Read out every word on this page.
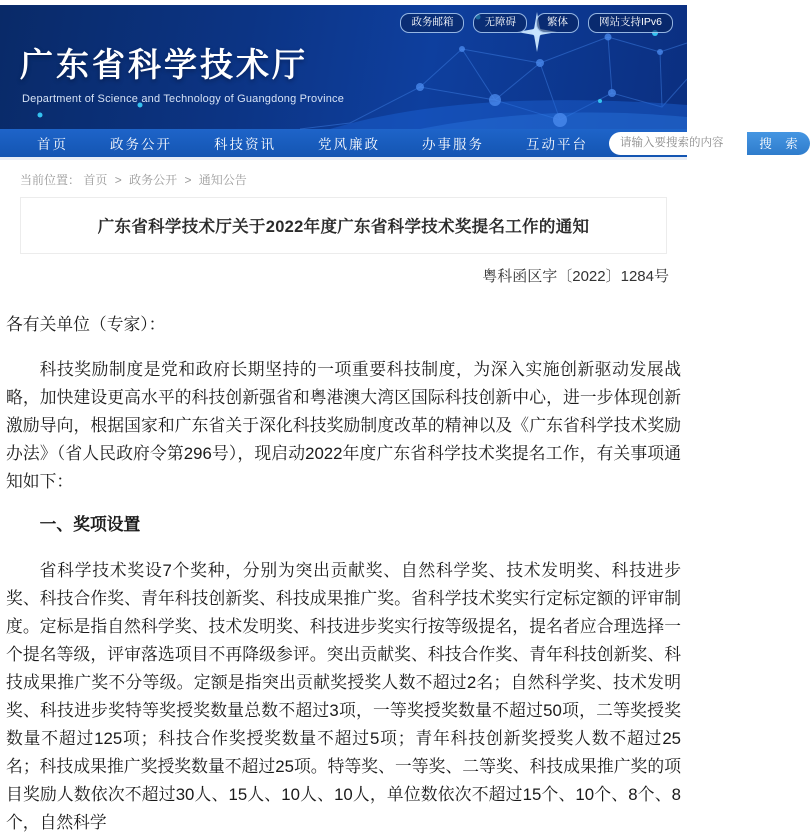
政务邮箱	无障碍	繁体	网站支持IPv6
广东省科学技术厅
Department of Science and Technology of Guangdong Province
首页	政务公开	科技资讯	党风廉政	办事服务	互动平台
请输入要搜索的内容	搜 索
当前位置： 首页 > 政务公开 > 通知公告
广东省科学技术厅关于2022年度广东省科学技术奖提名工作的通知
粤科函区字〔2022〕1284号
各有关单位（专家）：
科技奖励制度是党和政府长期坚持的一项重要科技制度，为深入实施创新驱动发展战略，加快建设更高水平的科技创新强省和粤港澳大湾区国际科技创新中心，进一步体现创新激励导向，根据国家和广东省关于深化科技奖励制度改革的精神以及《广东省科学技术奖励办法》（省人民政府令第296号），现启动2022年度广东省科学技术奖提名工作，有关事项通知如下：
一、奖项设置
省科学技术奖设7个奖种，分别为突出贡献奖、自然科学奖、技术发明奖、科技进步奖、科技合作奖、青年科技创新奖、科技成果推广奖。省科学技术奖实行定标定额的评审制度。定标是指自然科学奖、技术发明奖、科技进步奖实行按等级提名，提名者应合理选择一个提名等级，评审落选项目不再降级参评。突出贡献奖、科技合作奖、青年科技创新奖、科技成果推广奖不分等级。定额是指突出贡献奖授奖人数不超过2名；自然科学奖、技术发明奖、科技进步奖特等奖授奖数量总数不超过3项，一等奖授奖数量不超过50项，二等奖授奖数量不超过125项；科技合作奖授奖数量不超过5项；青年科技创新奖授奖人数不超过25名；科技成果推广奖授奖数量不超过25项。特等奖、一等奖、二等奖、科技成果推广奖的项目奖励人数依次不超过30人、15人、10人、10人，单位数依次不超过15个、10个、8个、8个，自然科学
